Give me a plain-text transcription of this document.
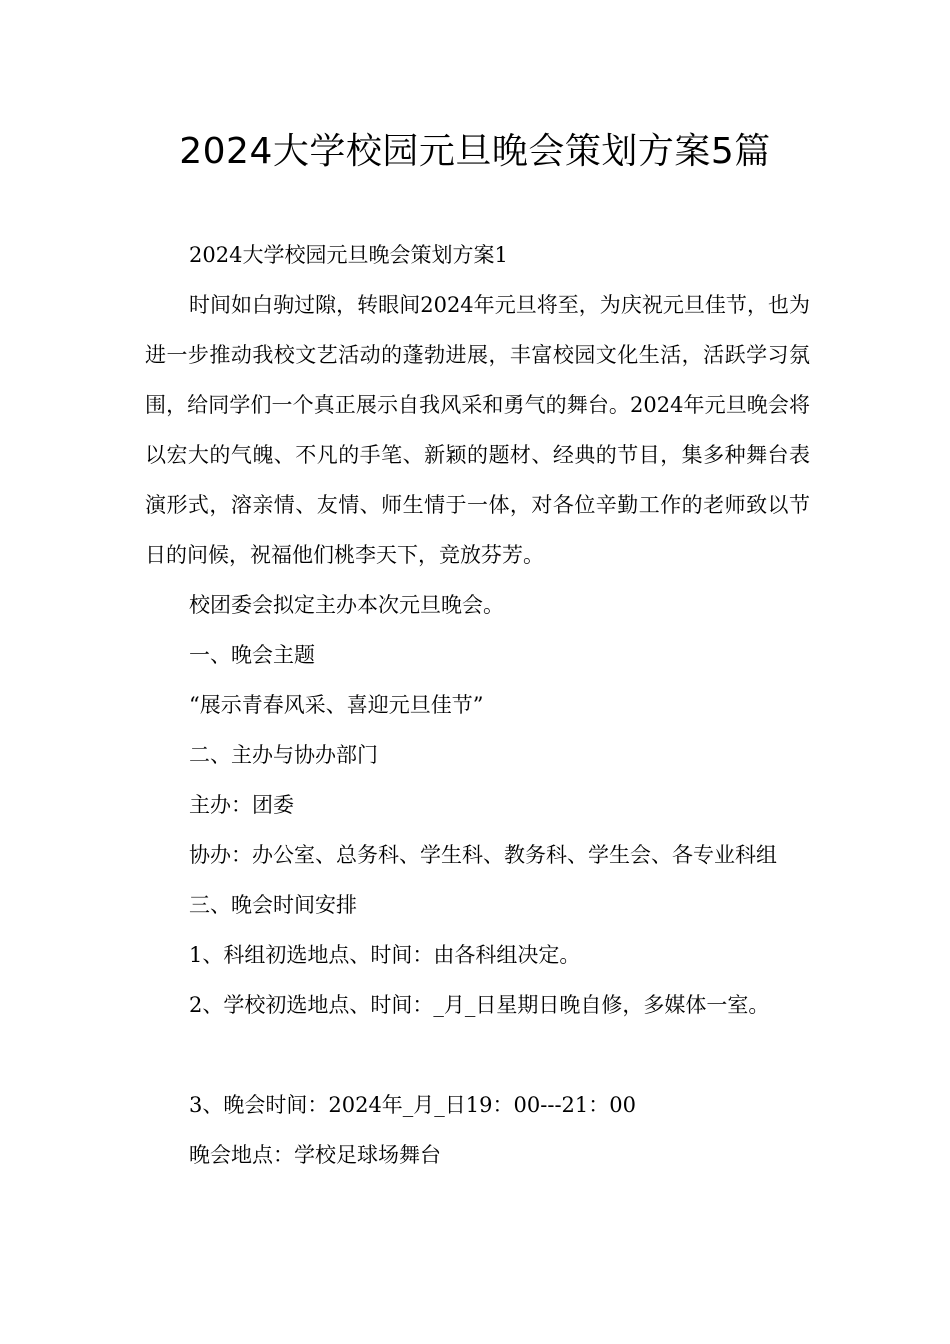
2024大学校园元旦晚会策划方案5篇

2024大学校园元旦晚会策划方案1

时间如白驹过隙，转眼间2024年元旦将至，为庆祝元旦佳节，也为进一步推动我校文艺活动的蓬勃进展，丰富校园文化生活，活跃学习氛围，给同学们一个真正展示自我风采和勇气的舞台。2024年元旦晚会将以宏大的气魄、不凡的手笔、新颖的题材、经典的节目，集多种舞台表演形式，溶亲情、友情、师生情于一体，对各位辛勤工作的老师致以节日的问候，祝福他们桃李天下，竞放芬芳。

校团委会拟定主办本次元旦晚会。

一、晚会主题

“展示青春风采、喜迎元旦佳节”

二、主办与协办部门

主办：团委

协办：办公室、总务科、学生科、教务科、学生会、各专业科组

三、晚会时间安排

1、科组初选地点、时间：由各科组决定。

2、学校初选地点、时间：_月_日星期日晚自修，多媒体一室。

3、晚会时间：2024年_月_日19：00---21：00

晚会地点：学校足球场舞台
